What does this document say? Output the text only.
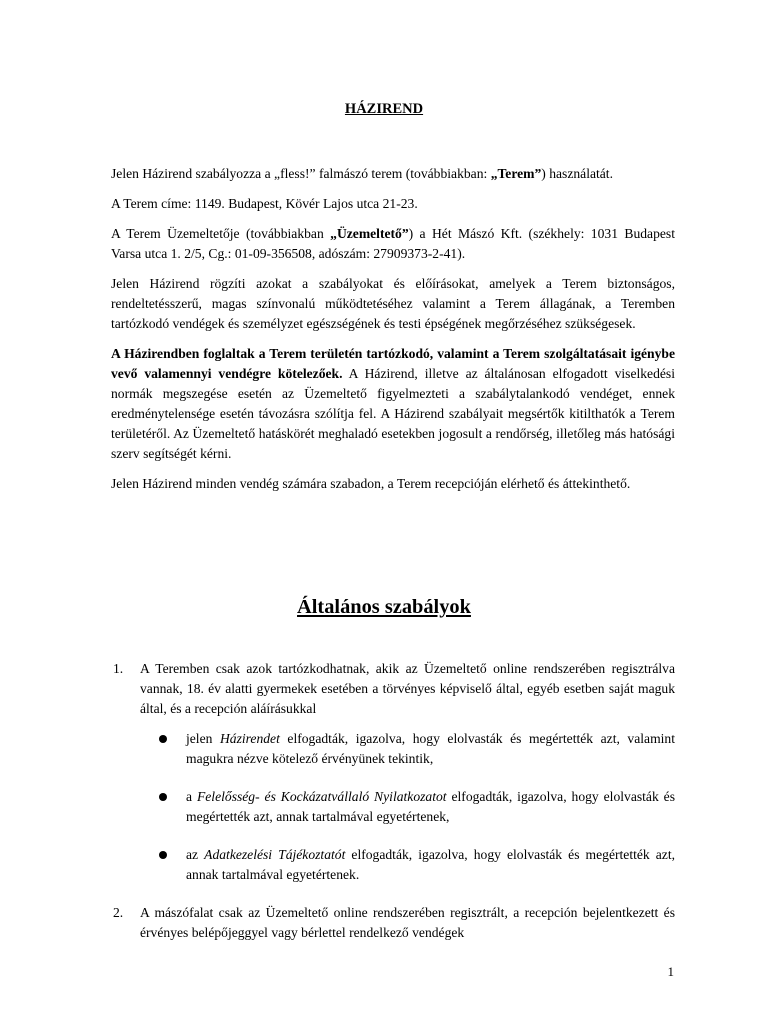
HÁZIREND

Jelen Házirend szabályozza a „fless!” falmászó terem (továbbiakban: „Terem”) használatát.

A Terem címe: 1149. Budapest, Kövér Lajos utca 21-23.

A Terem Üzemeltetője (továbbiakban „Üzemeltető”) a Hét Mászó Kft. (székhely: 1031 Budapest Varsa utca 1. 2/5, Cg.: 01-09-356508, adószám: 27909373-2-41).

Jelen Házirend rögzíti azokat a szabályokat és előírásokat, amelyek a Terem biztonságos, rendeltetésszerű, magas színvonalú működtetéséhez valamint a Terem állagának, a Teremben tartózkodó vendégek és személyzet egészségének és testi épségének megőrzéséhez szükségesek.

A Házirendben foglaltak a Terem területén tartózkodó, valamint a Terem szolgáltatásait igénybe vevő valamennyi vendégre kötelezőek. A Házirend, illetve az általánosan elfogadott viselkedési normák megszegése esetén az Üzemeltető figyelmezteti a szabálytalankodó vendéget, ennek eredménytelensége esetén távozásra szólítja fel. A Házirend szabályait megsértők kitilthatók a Terem területéről. Az Üzemeltető hatáskörét meghaladó esetekben jogosult a rendőrség, illetőleg más hatósági szerv segítségét kérni.

Jelen Házirend minden vendég számára szabadon, a Terem recepcióján elérhető és áttekinthető.

Általános szabályok
1. A Teremben csak azok tartózkodhatnak, akik az Üzemeltető online rendszerében regisztrálva vannak, 18. év alatti gyermekek esetében a törvényes képviselő által, egyéb esetben saját maguk által, és a recepción aláírásukkal
jelen Házirendet elfogadták, igazolva, hogy elolvasták és megértették azt, valamint magukra nézve kötelező érvényünek tekintik,
a Felelősség- és Kockázatvállaló Nyilatkozatot elfogadták, igazolva, hogy elolvasták és megértették azt, annak tartalmával egyetértenek,
az Adatkezelési Tájékoztatót elfogadták, igazolva, hogy elolvasták és megértették azt, annak tartalmával egyetértenek.
2. A mászófalat csak az Üzemeltető online rendszerében regisztrált, a recepción bejelentkezett és érvényes belépőjeggyel vagy bérlettel rendelkező vendégek
1
